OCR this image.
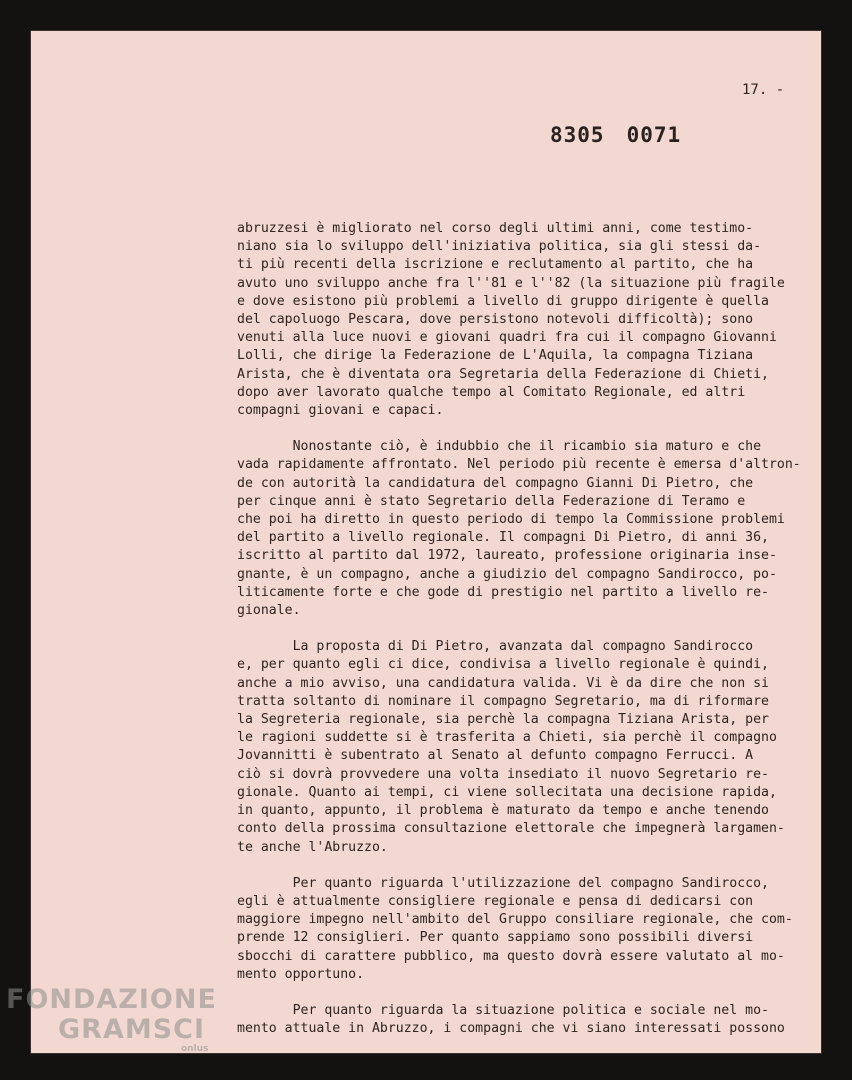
17. -
8305 0071
abruzzesi è migliorato nel corso degli ultimi anni, come testimo-
niano sia lo sviluppo dell'iniziativa politica, sia gli stessi da-
ti più recenti della iscrizione e reclutamento al partito, che ha
avuto uno sviluppo anche fra l''81 e l''82 (la situazione più fragile
e dove esistono più problemi a livello di gruppo dirigente è quella
del capoluogo Pescara, dove persistono notevoli difficoltà); sono
venuti alla luce nuovi e giovani quadri fra cui il compagno Giovanni
Lolli, che dirige la Federazione de L'Aquila, la compagna Tiziana
Arista, che è diventata ora Segretaria della Federazione di Chieti,
dopo aver lavorato qualche tempo al Comitato Regionale, ed altri
compagni giovani e capaci.
Nonostante ciò, è indubbio che il ricambio sia maturo e che
vada rapidamente affrontato. Nel periodo più recente è emersa d'altron-
de con autorità la candidatura del compagno Gianni Di Pietro, che
per cinque anni è stato Segretario della Federazione di Teramo e
che poi ha diretto in questo periodo di tempo la Commissione problemi
del partito a livello regionale. Il compagni Di Pietro, di anni 36,
iscritto al partito dal 1972, laureato, professione originaria inse-
gnante, è un compagno, anche a giudizio del compagno Sandirocco, po-
liticamente forte e che gode di prestigio nel partito a livello re-
gionale.
La proposta di Di Pietro, avanzata dal compagno Sandirocco
e, per quanto egli ci dice, condivisa a livello regionale è quindi,
anche a mio avviso, una candidatura valida. Vi è da dire che non si
tratta soltanto di nominare il compagno Segretario, ma di riformare
la Segreteria regionale, sia perchè la compagna Tiziana Arista, per
le ragioni suddette si è trasferita a Chieti, sia perchè il compagno
Jovannitti è subentrato al Senato al defunto compagno Ferrucci. A
ciò si dovrà provvedere una volta insediato il nuovo Segretario re-
gionale. Quanto ai tempi, ci viene sollecitata una decisione rapida,
in quanto, appunto, il problema è maturato da tempo e anche tenendo
conto della prossima consultazione elettorale che impegnerà largamen-
te anche l'Abruzzo.
Per quanto riguarda l'utilizzazione del compagno Sandirocco,
egli è attualmente consigliere regionale e pensa di dedicarsi con
maggiore impegno nell'ambito del Gruppo consiliare regionale, che com-
prende 12 consiglieri. Per quanto sappiamo sono possibili diversi
sbocchi di carattere pubblico, ma questo dovrà essere valutato al mo-
mento opportuno.
Per quanto riguarda la situazione politica e sociale nel mo-
mento attuale in Abruzzo, i compagni che vi siano interessati possono
FONDAZIONE
GRAMSCI
onlus
